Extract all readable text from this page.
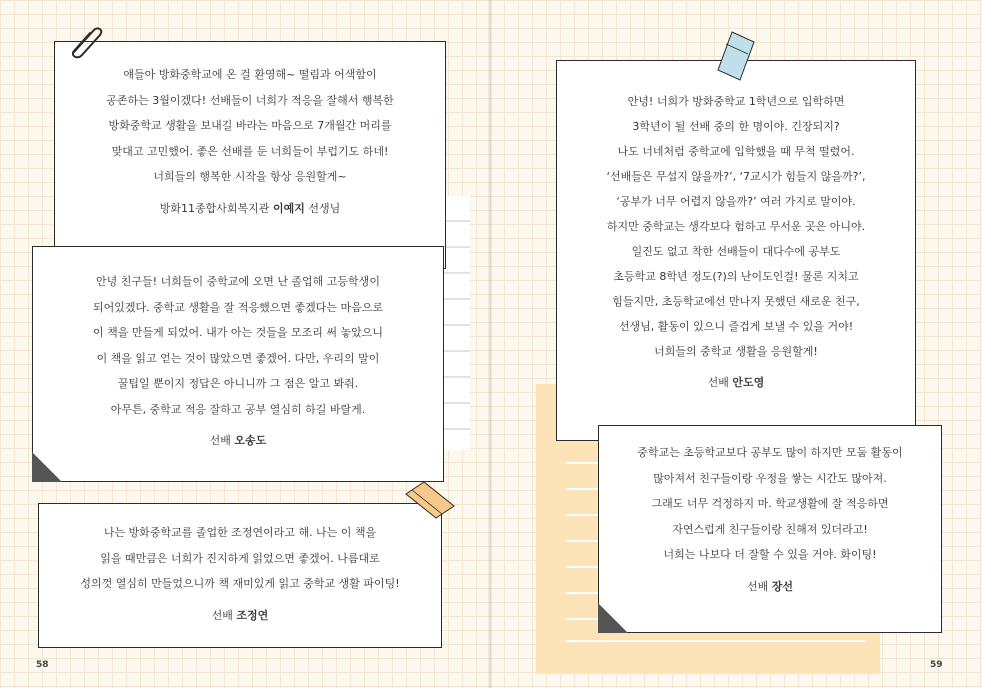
얘들아 방화중학교에 온 걸 환영해~ 떨림과 어색함이
공존하는 3월이겠다! 선배들이 너희가 적응을 잘해서 행복한
방화중학교 생활을 보내길 바라는 마음으로 7개월간 머리를
맞대고 고민했어. 좋은 선배를 둔 너희들이 부럽기도 하네!
너희들의 행복한 시작을 항상 응원할게~
방화11종합사회복지관 이예지 선생님
안녕 친구들! 너희들이 중학교에 오면 난 졸업해 고등학생이
되어있겠다. 중학교 생활을 잘 적응했으면 좋겠다는 마음으로
이 책을 만들게 되었어. 내가 아는 것들을 모조리 써 놓았으니
이 책을 읽고 얻는 것이 많았으면 좋겠어. 다만, 우리의 말이
꿀팁일 뿐이지 정답은 아니니까 그 점은 알고 봐줘.
아무튼, 중학교 적응 잘하고 공부 열심히 하길 바랄게.
선배 오송도
나는 방화중학교를 졸업한 조정연이라고 해. 나는 이 책을
읽을 때만큼은 너희가 진지하게 읽었으면 좋겠어. 나름대로
성의껏 열심히 만들었으니까 책 재미있게 읽고 중학교 생활 파이팅!
선배 조정연
58
안녕! 너희가 방화중학교 1학년으로 입학하면
3학년이 될 선배 중의 한 명이야. 긴장되지?
나도 너네처럼 중학교에 입학했을 때 무척 떨렸어.
‘선배들은 무섭지 않을까?’, ‘7교시가 힘들지 않을까?’,
‘공부가 너무 어렵지 않을까?’ 여러 가지로 말이야.
하지만 중학교는 생각보다 험하고 무서운 곳은 아니야.
일진도 없고 착한 선배들이 대다수에 공부도
초등학교 8학년 정도(?)의 난이도인걸! 물론 지치고
힘들지만, 초등학교에선 만나지 못했던 새로운 친구,
선생님, 활동이 있으니 즐겁게 보낼 수 있을 거야!
너희들의 중학교 생활을 응원할게!
선배 안도영
중학교는 초등학교보다 공부도 많이 하지만 모둠 활동이
많아져서 친구들이랑 우정을 쌓는 시간도 많아져.
그래도 너무 걱정하지 마. 학교생활에 잘 적응하면
자연스럽게 친구들이랑 친해져 있더라고!
너희는 나보다 더 잘할 수 있을 거야. 화이팅!
선배 장선
59
